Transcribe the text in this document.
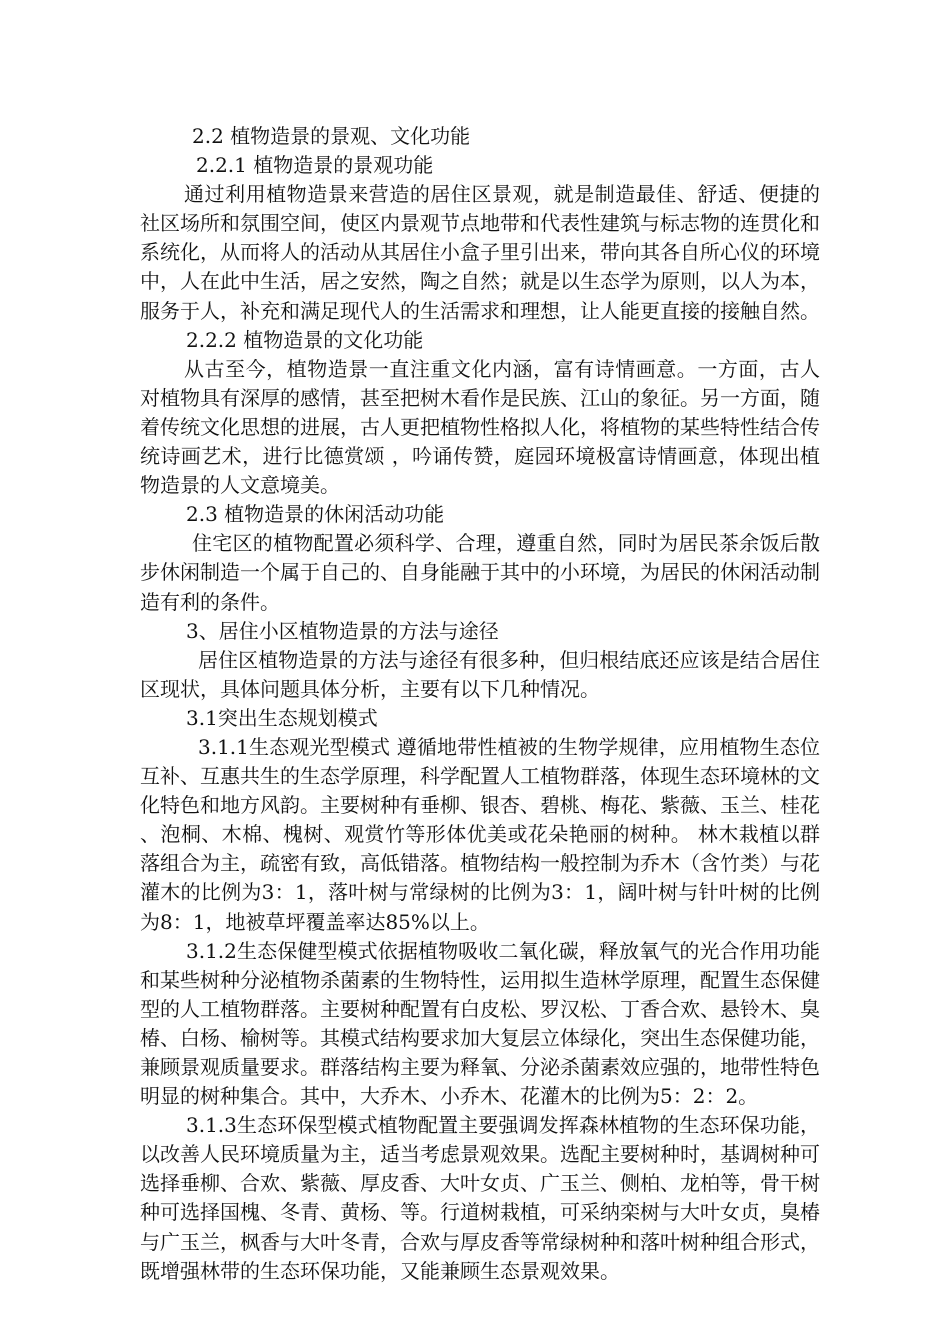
2.2 植物造景的景观、文化功能

2.2.1 植物造景的景观功能

通过利用植物造景来营造的居住区景观，就是制造最佳、舒适、便捷的社区场所和氛围空间，使区内景观节点地带和代表性建筑与标志物的连贯化和系统化，从而将人的活动从其居住小盒子里引出来，带向其各自所心仪的环境中，人在此中生活，居之安然，陶之自然；就是以生态学为原则，以人为本，服务于人，补充和满足现代人的生活需求和理想，让人能更直接的接触自然。

2.2.2 植物造景的文化功能

从古至今，植物造景一直注重文化内涵，富有诗情画意。一方面，古人对植物具有深厚的感情，甚至把树木看作是民族、江山的象征。另一方面，随着传统文化思想的进展，古人更把植物性格拟人化，将植物的某些特性结合传统诗画艺术，进行比德赏颂 ，吟诵传赞，庭园环境极富诗情画意，体现出植物造景的人文意境美。

2.3 植物造景的休闲活动功能

住宅区的植物配置必须科学、合理，遵重自然，同时为居民茶余饭后散步休闲制造一个属于自己的、自身能融于其中的小环境，为居民的休闲活动制造有利的条件。

3、居住小区植物造景的方法与途径

居住区植物造景的方法与途径有很多种，但归根结底还应该是结合居住区现状，具体问题具体分析，主要有以下几种情况。

3.1突出生态规划模式

3.1.1生态观光型模式 遵循地带性植被的生物学规律，应用植物生态位互补、互惠共生的生态学原理，科学配置人工植物群落，体现生态环境林的文化特色和地方风韵。主要树种有垂柳、银杏、碧桃、梅花、紫薇、玉兰、桂花、泡桐、木棉、槐树、观赏竹等形体优美或花朵艳丽的树种。 林木栽植以群落组合为主，疏密有致，高低错落。植物结构一般控制为乔木（含竹类）与花灌木的比例为3：1，落叶树与常绿树的比例为3：1，阔叶树与针叶树的比例为8：1，地被草坪覆盖率达85%以上。

3.1.2生态保健型模式依据植物吸收二氧化碳，释放氧气的光合作用功能和某些树种分泌植物杀菌素的生物特性，运用拟生造林学原理，配置生态保健型的人工植物群落。主要树种配置有白皮松、罗汉松、丁香合欢、悬铃木、臭椿、白杨、榆树等。其模式结构要求加大复层立体绿化，突出生态保健功能，兼顾景观质量要求。群落结构主要为释氧、分泌杀菌素效应强的，地带性特色明显的树种集合。其中，大乔木、小乔木、花灌木的比例为5：2：2。

3.1.3生态环保型模式植物配置主要强调发挥森林植物的生态环保功能，以改善人民环境质量为主，适当考虑景观效果。选配主要树种时，基调树种可选择垂柳、合欢、紫薇、厚皮香、大叶女贞、广玉兰、侧柏、龙柏等，骨干树种可选择国槐、冬青、黄杨、等。行道树栽植，可采纳栾树与大叶女贞，臭椿与广玉兰，枫香与大叶冬青，合欢与厚皮香等常绿树种和落叶树种组合形式，既增强林带的生态环保功能，又能兼顾生态景观效果。
